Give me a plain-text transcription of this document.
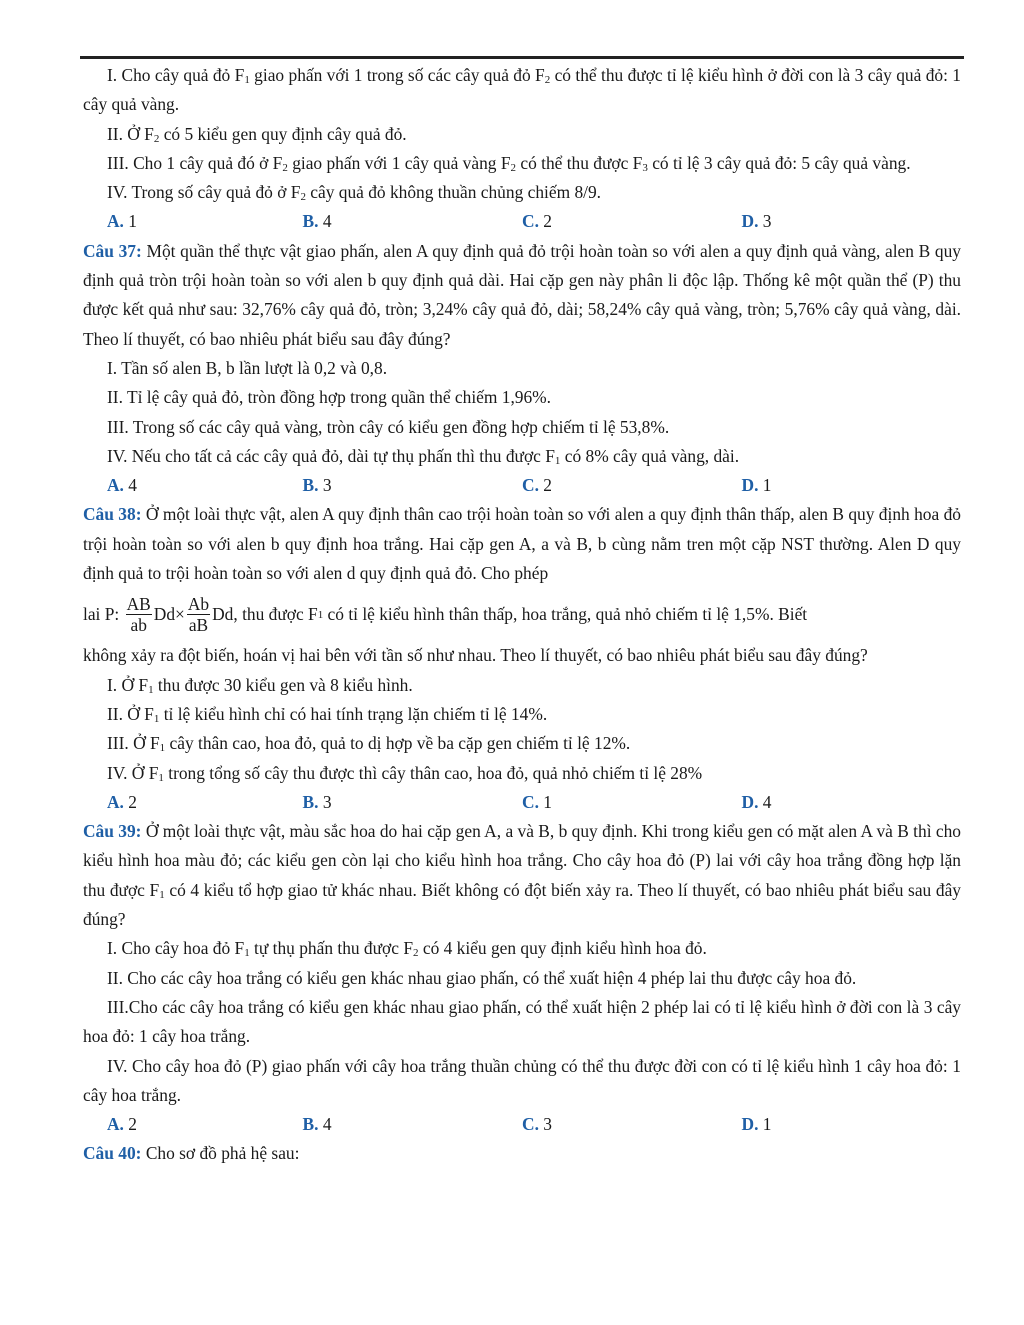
I. Cho cây quả đỏ $F_1$ giao phấn với 1 trong số các cây quả đỏ $F_2$ có thể thu được tỉ lệ kiểu hình ở đời con là 3 cây quả đỏ: 1 cây quả vàng.

II. Ở $F_2$ có 5 kiểu gen quy định cây quả đỏ.

III. Cho 1 cây quả đó ở $F_2$ giao phấn với 1 cây quả vàng $F_2$ có thể thu được $F_3$ có tỉ lệ 3 cây quả đỏ: 5 cây quả vàng.

IV. Trong số cây quả đỏ ở $F_2$ cây quả đỏ không thuần chủng chiếm 8/9.

A. 1	B. 4	C. 2	D. 3

Câu 37: Một quần thể thực vật giao phấn, alen A quy định quả đỏ trội hoàn toàn so với alen a quy định quả vàng, alen B quy định quả tròn trội hoàn toàn so với alen b quy định quả dài. Hai cặp gen này phân li độc lập. Thống kê một quần thể (P) thu được kết quả như sau: 32,76% cây quả đỏ, tròn; 3,24% cây quả đỏ, dài; 58,24% cây quả vàng, tròn; 5,76% cây quả vàng, dài. Theo lí thuyết, có bao nhiêu phát biểu sau đây đúng?

I. Tần số alen B, b lần lượt là 0,2 và 0,8.

II. Tỉ lệ cây quả đỏ, tròn đồng hợp trong quần thể chiếm 1,96%.

III. Trong số các cây quả vàng, tròn cây có kiểu gen đồng hợp chiếm tỉ lệ 53,8%.

IV. Nếu cho tất cả các cây quả đỏ, dài tự thụ phấn thì thu được $F_1$ có 8% cây quả vàng, dài.

A. 4	B. 3	C. 2	D. 1

Câu 38: Ở một loài thực vật, alen A quy định thân cao trội hoàn toàn so với alen a quy định thân thấp, alen B quy định hoa đỏ trội hoàn toàn so với alen b quy định hoa trắng. Hai cặp gen A, a và B, b cùng nằm tren một cặp NST thường. Alen D quy định quả to trội hoàn toàn so với alen d quy định quả đỏ. Cho phép

lai P: $\frac{AB}{ab}$ $Dd \times \frac{Ab}{aB}$ Dd , thu được F 1 có tỉ lệ kiểu hình thân thấp, hoa trắng, quả nhỏ chiếm tỉ lệ 1,5%. Biết

không xảy ra đột biến, hoán vị hai bên với tần số như nhau. Theo lí thuyết, có bao nhiêu phát biểu sau đây đúng?

I. Ở $F_1$ thu được 30 kiểu gen và 8 kiểu hình.

II. Ở $F_1$ tỉ lệ kiểu hình chỉ có hai tính trạng lặn chiếm tỉ lệ 14%.

III. Ở $F_1$ cây thân cao, hoa đỏ, quả to dị hợp về ba cặp gen chiếm tỉ lệ 12%.

IV. Ở $F_1$ trong tổng số cây thu được thì cây thân cao, hoa đỏ, quả nhỏ chiếm tỉ lệ 28%

A. 2	B. 3	C. 1	D. 4

Câu 39: Ở một loài thực vật, màu sắc hoa do hai cặp gen A, a và B, b quy định. Khi trong kiểu gen có mặt alen A và B thì cho kiểu hình hoa màu đỏ; các kiểu gen còn lại cho kiểu hình hoa trắng. Cho cây hoa đỏ (P) lai với cây hoa trắng đồng hợp lặn thu được $F_1$ có 4 kiểu tổ hợp giao tử khác nhau. Biết không có đột biến xảy ra. Theo lí thuyết, có bao nhiêu phát biểu sau đây đúng?

I. Cho cây hoa đỏ $F_1$ tự thụ phấn thu được $F_2$ có 4 kiểu gen quy định kiểu hình hoa đỏ.

II. Cho các cây hoa trắng có kiểu gen khác nhau giao phấn, có thể xuất hiện 4 phép lai thu được cây hoa đỏ.

III.Cho các cây hoa trắng có kiểu gen khác nhau giao phấn, có thể xuất hiện 2 phép lai có tỉ lệ kiểu hình ở đời con là 3 cây hoa đỏ: 1 cây hoa trắng.

IV. Cho cây hoa đỏ (P) giao phấn với cây hoa trắng thuần chủng có thể thu được đời con có tỉ lệ kiểu hình 1 cây hoa đỏ: 1 cây hoa trắng.

A. 2	B. 4	C. 3	D. 1

Câu 40: Cho sơ đồ phả hệ sau:
